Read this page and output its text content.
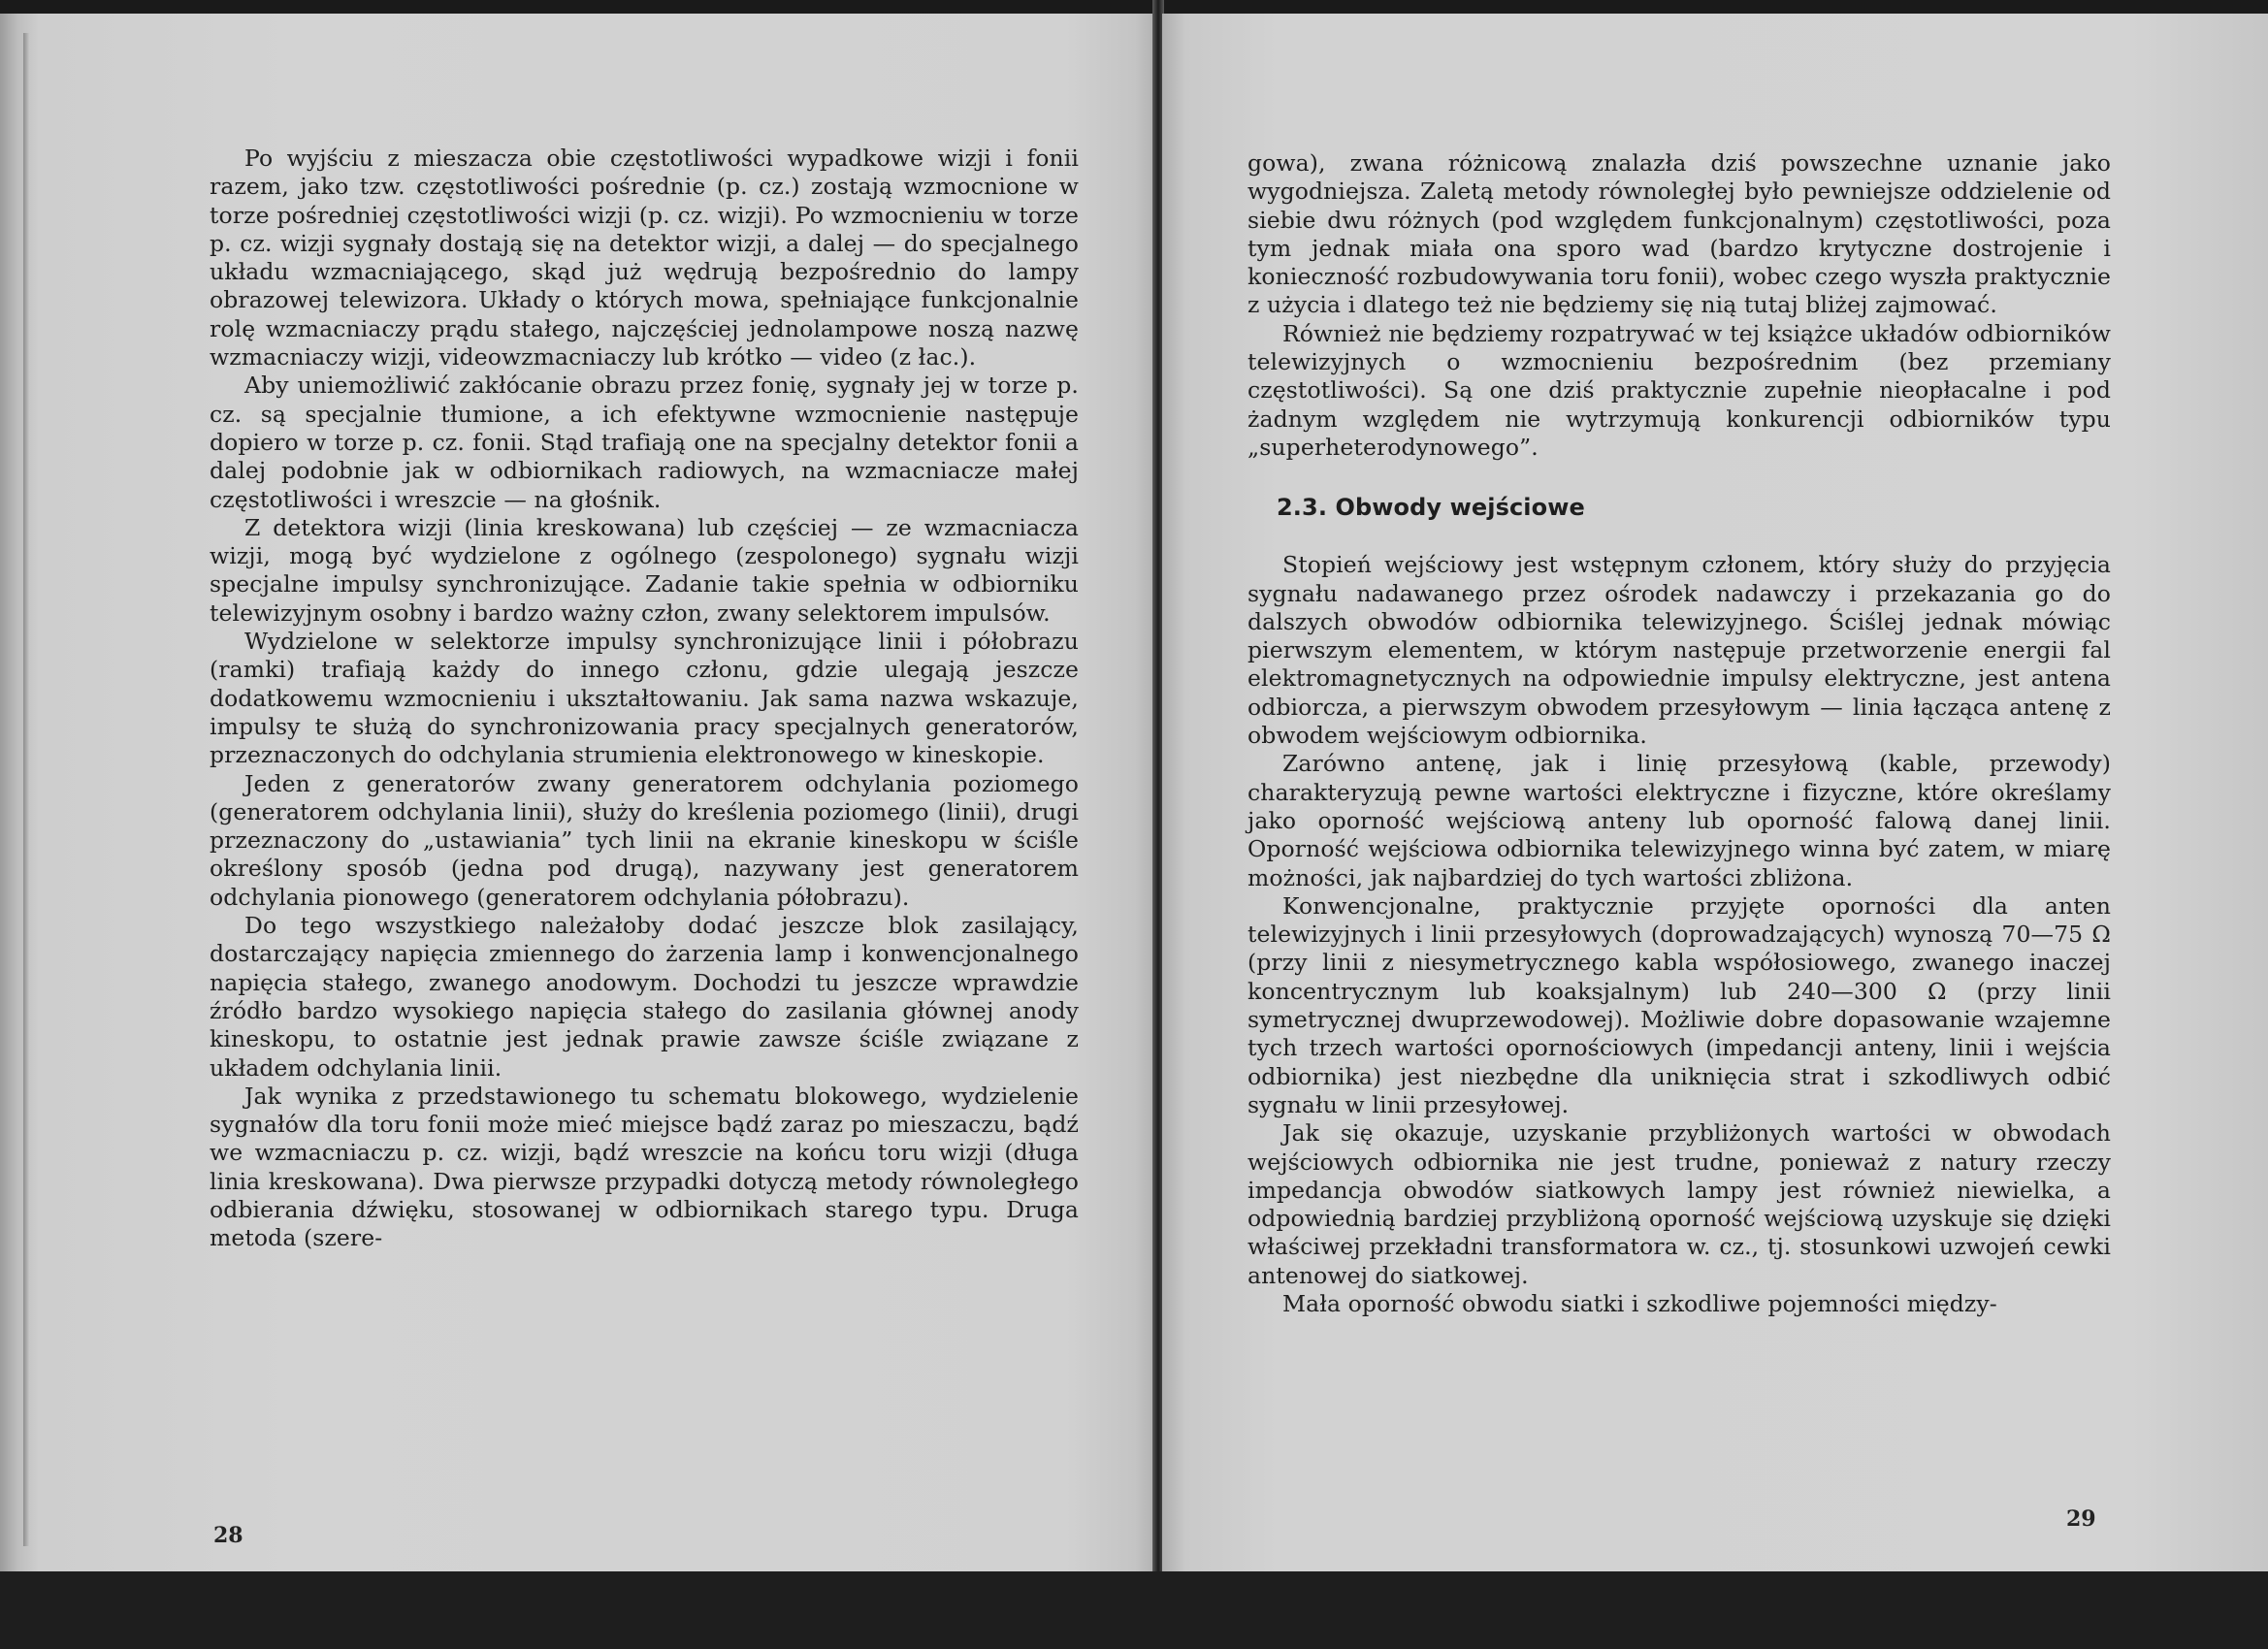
Po wyjściu z mieszacza obie częstotliwości wypadkowe wizji i fonii razem, jako tzw. częstotliwości pośrednie (p. cz.) zostają wzmocnione w torze pośredniej częstotliwości wizji (p. cz. wizji). Po wzmocnieniu w torze p. cz. wizji sygnały dostają się na detektor wizji, a dalej — do specjalnego układu wzmacniającego, skąd już wędrują bezpośrednio do lampy obrazowej telewizora. Układy o których mowa, spełniające funkcjonalnie rolę wzmacniaczy prądu stałego, najczęściej jednolampowe noszą nazwę wzmacniaczy wizji, videowzmacniaczy lub krótko — video (z łac.).

Aby uniemożliwić zakłócanie obrazu przez fonię, sygnały jej w torze p. cz. są specjalnie tłumione, a ich efektywne wzmocnienie następuje dopiero w torze p. cz. fonii. Stąd trafiają one na specjalny detektor fonii a dalej podobnie jak w odbiornikach radiowych, na wzmacniacze małej częstotliwości i wreszcie — na głośnik.

Z detektora wizji (linia kreskowana) lub częściej — ze wzmacniacza wizji, mogą być wydzielone z ogólnego (zespolonego) sygnału wizji specjalne impulsy synchronizujące. Zadanie takie spełnia w odbiorniku telewizyjnym osobny i bardzo ważny człon, zwany selektorem impulsów.

Wydzielone w selektorze impulsy synchronizujące linii i półobrazu (ramki) trafiają każdy do innego członu, gdzie ulegają jeszcze dodatkowemu wzmocnieniu i ukształtowaniu. Jak sama nazwa wskazuje, impulsy te służą do synchronizowania pracy specjalnych generatorów, przeznaczonych do odchylania strumienia elektronowego w kineskopie.

Jeden z generatorów zwany generatorem odchylania poziomego (generatorem odchylania linii), służy do kreślenia poziomego (linii), drugi przeznaczony do „ustawiania” tych linii na ekranie kineskopu w ściśle określony sposób (jedna pod drugą), nazywany jest generatorem odchylania pionowego (generatorem odchylania półobrazu).

Do tego wszystkiego należałoby dodać jeszcze blok zasilający, dostarczający napięcia zmiennego do żarzenia lamp i konwencjonalnego napięcia stałego, zwanego anodowym. Dochodzi tu jeszcze wprawdzie źródło bardzo wysokiego napięcia stałego do zasilania głównej anody kineskopu, to ostatnie jest jednak prawie zawsze ściśle związane z układem odchylania linii.

Jak wynika z przedstawionego tu schematu blokowego, wydzielenie sygnałów dla toru fonii może mieć miejsce bądź zaraz po mieszaczu, bądź we wzmacniaczu p. cz. wizji, bądź wreszcie na końcu toru wizji (długa linia kreskowana). Dwa pierwsze przypadki dotyczą metody równoległego odbierania dźwięku, stosowanej w odbiornikach starego typu. Druga metoda (szere-

28

gowa), zwana różnicową znalazła dziś powszechne uznanie jako wygodniejsza. Zaletą metody równoległej było pewniejsze oddzielenie od siebie dwu różnych (pod względem funkcjonalnym) częstotliwości, poza tym jednak miała ona sporo wad (bardzo krytyczne dostrojenie i konieczność rozbudowywania toru fonii), wobec czego wyszła praktycznie z użycia i dlatego też nie będziemy się nią tutaj bliżej zajmować.

Również nie będziemy rozpatrywać w tej książce układów odbiorników telewizyjnych o wzmocnieniu bezpośrednim (bez przemiany częstotliwości). Są one dziś praktycznie zupełnie nieopłacalne i pod żadnym względem nie wytrzymują konkurencji odbiorników typu „superheterodynowego”.

2.3. Obwody wejściowe

Stopień wejściowy jest wstępnym członem, który służy do przyjęcia sygnału nadawanego przez ośrodek nadawczy i przekazania go do dalszych obwodów odbiornika telewizyjnego. Ściślej jednak mówiąc pierwszym elementem, w którym następuje przetworzenie energii fal elektromagnetycznych na odpowiednie impulsy elektryczne, jest antena odbiorcza, a pierwszym obwodem przesyłowym — linia łącząca antenę z obwodem wejściowym odbiornika.

Zarówno antenę, jak i linię przesyłową (kable, przewody) charakteryzują pewne wartości elektryczne i fizyczne, które określamy jako oporność wejściową anteny lub oporność falową danej linii. Oporność wejściowa odbiornika telewizyjnego winna być zatem, w miarę możności, jak najbardziej do tych wartości zbliżona.

Konwencjonalne, praktycznie przyjęte oporności dla anten telewizyjnych i linii przesyłowych (doprowadzających) wynoszą 70—75 Ω (przy linii z niesymetrycznego kabla współosiowego, zwanego inaczej koncentrycznym lub koaksjalnym) lub 240—300 Ω (przy linii symetrycznej dwuprzewodowej). Możliwie dobre dopasowanie wzajemne tych trzech wartości opornościowych (impedancji anteny, linii i wejścia odbiornika) jest niezbędne dla uniknięcia strat i szkodliwych odbić sygnału w linii przesyłowej.

Jak się okazuje, uzyskanie przybliżonych wartości w obwodach wejściowych odbiornika nie jest trudne, ponieważ z natury rzeczy impedancja obwodów siatkowych lampy jest również niewielka, a odpowiednią bardziej przybliżoną oporność wejściową uzyskuje się dzięki właściwej przekładni transformatora w. cz., tj. stosunkowi uzwojeń cewki antenowej do siatkowej.

Mała oporność obwodu siatki i szkodliwe pojemności między-

29
